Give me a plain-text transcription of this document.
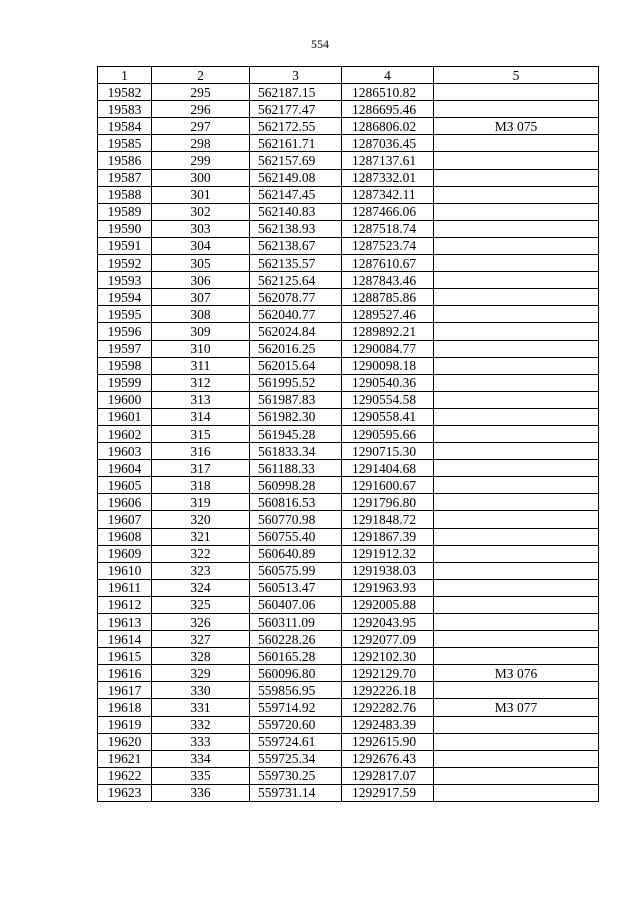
554
1	2	3	4	5
19582	295	562187.15	1286510.82	
19583	296	562177.47	1286695.46	
19584	297	562172.55	1286806.02	МЗ 075
19585	298	562161.71	1287036.45	
19586	299	562157.69	1287137.61	
19587	300	562149.08	1287332.01	
19588	301	562147.45	1287342.11	
19589	302	562140.83	1287466.06	
19590	303	562138.93	1287518.74	
19591	304	562138.67	1287523.74	
19592	305	562135.57	1287610.67	
19593	306	562125.64	1287843.46	
19594	307	562078.77	1288785.86	
19595	308	562040.77	1289527.46	
19596	309	562024.84	1289892.21	
19597	310	562016.25	1290084.77	
19598	311	562015.64	1290098.18	
19599	312	561995.52	1290540.36	
19600	313	561987.83	1290554.58	
19601	314	561982.30	1290558.41	
19602	315	561945.28	1290595.66	
19603	316	561833.34	1290715.30	
19604	317	561188.33	1291404.68	
19605	318	560998.28	1291600.67	
19606	319	560816.53	1291796.80	
19607	320	560770.98	1291848.72	
19608	321	560755.40	1291867.39	
19609	322	560640.89	1291912.32	
19610	323	560575.99	1291938.03	
19611	324	560513.47	1291963.93	
19612	325	560407.06	1292005.88	
19613	326	560311.09	1292043.95	
19614	327	560228.26	1292077.09	
19615	328	560165.28	1292102.30	
19616	329	560096.80	1292129.70	МЗ 076
19617	330	559856.95	1292226.18	
19618	331	559714.92	1292282.76	МЗ 077
19619	332	559720.60	1292483.39	
19620	333	559724.61	1292615.90	
19621	334	559725.34	1292676.43	
19622	335	559730.25	1292817.07	
19623	336	559731.14	1292917.59	
